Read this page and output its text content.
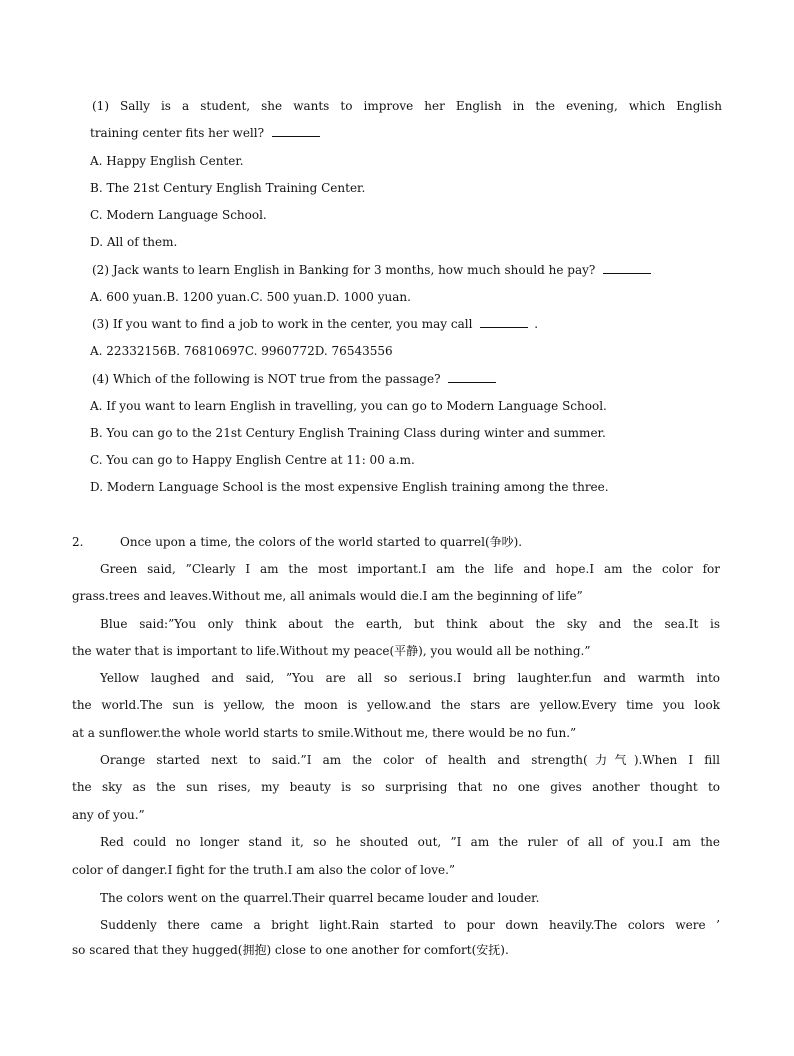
(1) Sally is a student, she wants to improve her English in the evening, which English
training center fits her well?
A. Happy English Center.
B. The 21st Century English Training Center.
C. Modern Language School.
D. All of them.
(2) Jack wants to learn English in Banking for 3 months, how much should he pay?
A. 600 yuan.B. 1200 yuan.C. 500 yuan.D. 1000 yuan.
(3) If you want to find a job to work in the center, you may call	.
A. 22332156B. 76810697C. 9960772D. 76543556
(4) Which of the following is NOT true from the passage?
A. If you want to learn English in travelling, you can go to Modern Language School.
B. You can go to the 21st Century English Training Class during winter and summer.
C. You can go to Happy English Centre at 11: 00 a.m.
D. Modern Language School is the most expensive English training among the three.
2.	Once upon a time, the colors of the world started to quarrel(争吵).
Green said, ”Clearly I am the most important.I am the life and hope.I am the color for
grass.trees and leaves.Without me, all animals would die.I am the beginning of life”
Blue said:”You only think about the earth, but think about the sky and the sea.It is
the water that is important to life.Without my peace(平静), you would all be nothing.”
Yellow laughed and said, ”You are all so serious.I bring laughter.fun and warmth into
the world.The sun is yellow, the moon is yellow.and the stars are yellow.Every time you look
at a sunflower.the whole world starts to smile.Without me, there would be no fun.”
Orange started next to said.”I am the color of health and strength(力气).When I fill
the sky as the sun rises, my beauty is so surprising that no one gives another thought to
any of you.”
Red could no longer stand it, so he shouted out, ”I am the ruler of all of you.I am the
color of danger.I fight for the truth.I am also the color of love.”
The colors went on the quarrel.Their quarrel became louder and louder.
Suddenly there came a bright light.Rain started to pour down heavily.The colors were ’
so scared that they hugged(拥抱) close to one another for comfort(安抚).
